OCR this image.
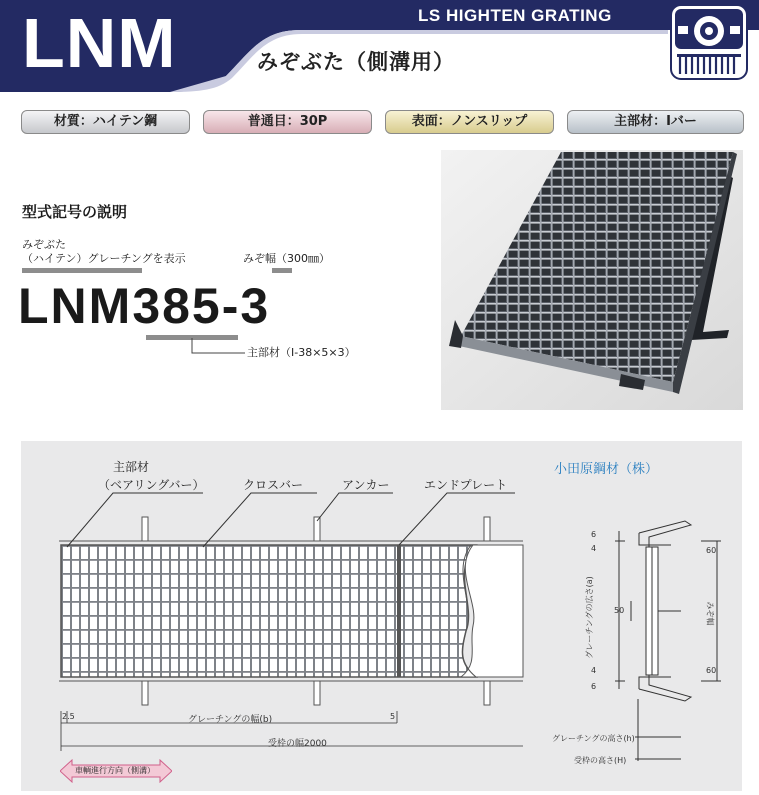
LNM	LS HIGHTEN GRATING
みぞぶた（側溝用）
材質：ハイテン鋼	普通目：30P	表面：ノンスリップ	主部材：Iバー
型式記号の説明
みぞぶた
（ハイテン）グレーチングを表示	みぞ幅（300㎜）
LNM385-3
主部材（I-38×5×3）
主部材
（ベアリングバー）	クロスバー	アンカー	エンドプレート
小田原鋼材（株）
2.5	5
グレーチングの幅(b)
受枠の幅2000
車輌進行方向（側溝）
6
4
50
4
6
60
60
グレーチングの広さ(a)	みぞ幅
グレーチングの高さ(h)
受枠の高さ(H)
